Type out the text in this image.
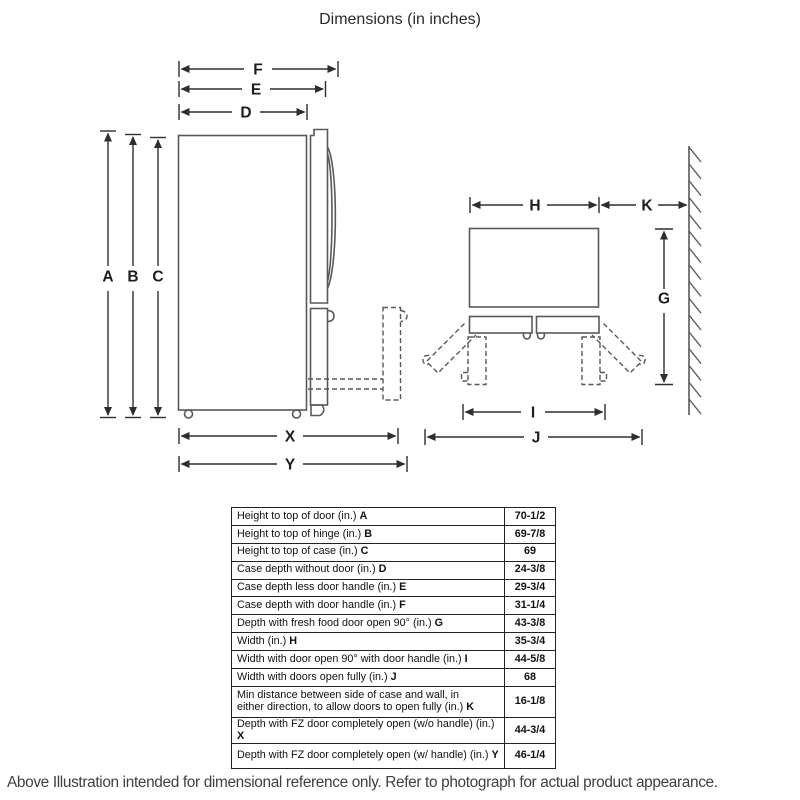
Dimensions (in inches)
F
E
D
A B C
X
Y
H	K
G
I
J
Height to top of door (in.) A	70-1/2
Height to top of hinge (in.) B	69-7/8
Height to top of case (in.) C	69
Case depth without door (in.) D	24-3/8
Case depth less door handle (in.) E	29-3/4
Case depth with door handle (in.) F	31-1/4
Depth with fresh food door open 90° (in.) G	43-3/8
Width (in.) H	35-3/4
Width with door open 90° with door handle (in.) I	44-5/8
Width with doors open fully (in.) J	68
Min distance between side of case and wall, in
either direction, to allow doors to open fully (in.) K	16-1/8
Depth with FZ door completely open (w/o handle) (in.) X	44-3/4
Depth with FZ door completely open (w/ handle) (in.) Y	46-1/4
Above Illustration intended for dimensional reference only. Refer to photograph for actual product appearance.
